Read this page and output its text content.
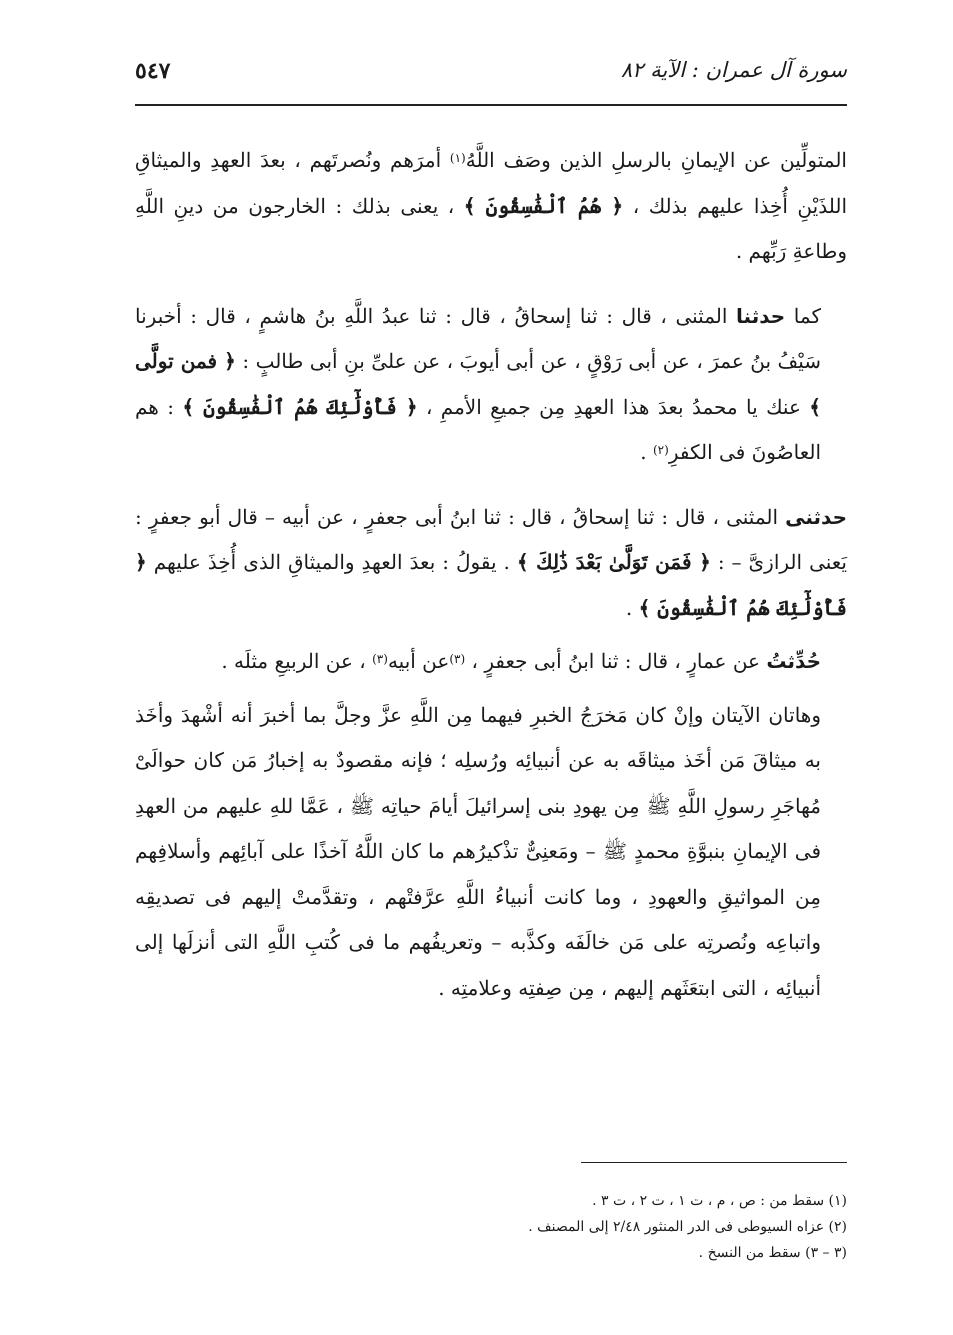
سورة آل عمران : الآية ٨٢
٥٤٧

المتولِّين عن الإيمانِ بالرسلِ الذين وصَف اللَّهُ$^{(١)}$ أمرَهم ونُصرتَهم ، بعدَ العهدِ والميثاقِ اللذَيْنِ أُخِذا عليهم بذلك ، ﴿ هُمُ ٱلْفَٰسِقُونَ ﴾ ، يعنى بذلك : الخارجون من دينِ اللَّهِ وطاعةِ رَبِّهم .

كما حدثنا المثنى ، قال : ثنا إسحاقُ ، قال : ثنا عبدُ اللَّهِ بنُ هاشمٍ ، قال : أخبرنا سَيْفُ بنُ عمرَ ، عن أبى رَوْقٍ ، عن أبى أيوبَ ، عن علىِّ بنِ أبى طالبٍ : ﴿ فمن تولَّى ﴾ عنك يا محمدُ بعدَ هذا العهدِ مِن جميعِ الأممِ ، ﴿ فَأُوْلَٰٓئِكَ هُمُ ٱلْفَٰسِقُونَ ﴾ : هم العاصُونَ فى الكفرِ$^{(٢)}$ .

حدثنى المثنى ، قال : ثنا إسحاقُ ، قال : ثنا ابنُ أبى جعفرٍ ، عن أبيه – قال أبو جعفرٍ : يَعنى الرازىَّ – : ﴿ فَمَن تَوَلَّىٰ بَعْدَ ذَٰلِكَ ﴾ . يقولُ : بعدَ العهدِ والميثاقِ الذى أُخِذَ عليهم ﴿ فَأُوْلَٰٓئِكَ هُمُ ٱلْفَٰسِقُونَ ﴾ .

حُدِّثتُ عن عمارٍ ، قال : ثنا ابنُ أبى جعفرٍ ، $^{(٣)}$عن أبيه$^{(٣)}$ ، عن الربيعِ مثلَه .

وهاتان الآيتان وإنْ كان مَخرَجُ الخبرِ فيهما مِن اللَّهِ عزَّ وجلَّ بما أخبرَ أنه أشْهدَ وأخَذ به ميثاقَ مَن أخَذ ميثاقَه به عن أنبيائِه ورُسلِه ؛ فإنه مقصودٌ به إخبارُ مَن كان حوالَىْ مُهاجَرِ رسولِ اللَّهِ ﷺ مِن يهودِ بنى إسرائيلَ أيامَ حياتِه ﷺ ، عَمَّا للهِ عليهم من العهدِ فى الإيمانِ بنبوَّةِ محمدٍ ﷺ – ومَعنِىٌّ تذْكيرُهم ما كان اللَّهُ آخذًا على آبائِهم وأسلافِهم مِن المواثيقِ والعهودِ ، وما كانت أنبياءُ اللَّهِ عرَّفتْهم ، وتقدَّمتْ إليهم فى تصديقِه واتباعِه ونُصرتِه على مَن خالَفَه وكذَّبه – وتعريفُهم ما فى كُتبِ اللَّهِ التى أنزلَها إلى أنبيائِه ، التى ابتعَثَهم إليهم ، مِن صِفتِه وعلامتِه .

(١) سقط من : ص ، م ، ت ١ ، ت ٢ ، ت ٣ .

(٢) عزاه السيوطى فى الدر المنثور ٢/٤٨ إلى المصنف .

(٣ – ٣) سقط من النسخ .
